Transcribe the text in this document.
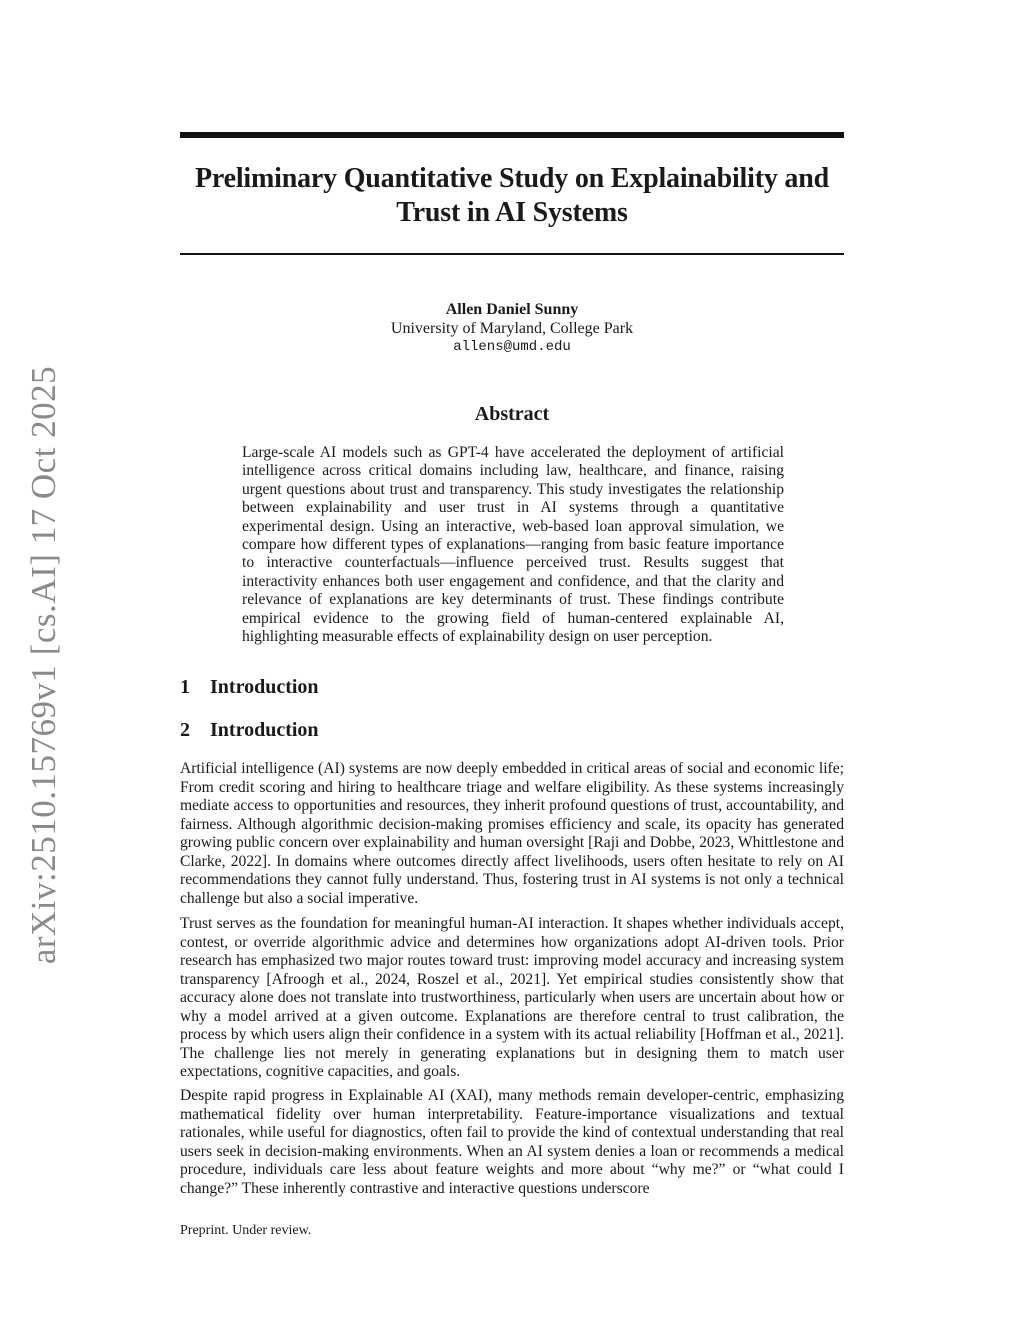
arXiv:2510.15769v1 [cs.AI] 17 Oct 2025
Preliminary Quantitative Study on Explainability and
Trust in AI Systems
Allen Daniel Sunny
University of Maryland, College Park
allens@umd.edu
Abstract

Large-scale AI models such as GPT-4 have accelerated the deployment of artificial intelligence across critical domains including law, healthcare, and finance, raising urgent questions about trust and transparency. This study investigates the relationship between explainability and user trust in AI systems through a quantitative experimental design. Using an interactive, web-based loan approval simulation, we compare how different types of explanations—ranging from basic feature importance to interactive counterfactuals—influence perceived trust. Results suggest that interactivity enhances both user engagement and confidence, and that the clarity and relevance of explanations are key determinants of trust. These findings contribute empirical evidence to the growing field of human-centered explainable AI, highlighting measurable effects of explainability design on user perception.

1 Introduction
2 Introduction

Artificial intelligence (AI) systems are now deeply embedded in critical areas of social and economic life; From credit scoring and hiring to healthcare triage and welfare eligibility. As these systems increasingly mediate access to opportunities and resources, they inherit profound questions of trust, accountability, and fairness. Although algorithmic decision-making promises efficiency and scale, its opacity has generated growing public concern over explainability and human oversight [Raji and Dobbe, 2023, Whittlestone and Clarke, 2022]. In domains where outcomes directly affect livelihoods, users often hesitate to rely on AI recommendations they cannot fully understand. Thus, fostering trust in AI systems is not only a technical challenge but also a social imperative.

Trust serves as the foundation for meaningful human-AI interaction. It shapes whether individuals accept, contest, or override algorithmic advice and determines how organizations adopt AI-driven tools. Prior research has emphasized two major routes toward trust: improving model accuracy and increasing system transparency [Afroogh et al., 2024, Roszel et al., 2021]. Yet empirical studies consistently show that accuracy alone does not translate into trustworthiness, particularly when users are uncertain about how or why a model arrived at a given outcome. Explanations are therefore central to trust calibration, the process by which users align their confidence in a system with its actual reliability [Hoffman et al., 2021]. The challenge lies not merely in generating explanations but in designing them to match user expectations, cognitive capacities, and goals.

Despite rapid progress in Explainable AI (XAI), many methods remain developer-centric, emphasizing mathematical fidelity over human interpretability. Feature-importance visualizations and textual rationales, while useful for diagnostics, often fail to provide the kind of contextual understanding that real users seek in decision-making environments. When an AI system denies a loan or recommends a medical procedure, individuals care less about feature weights and more about “why me?” or “what could I change?” These inherently contrastive and interactive questions underscore

Preprint. Under review.
